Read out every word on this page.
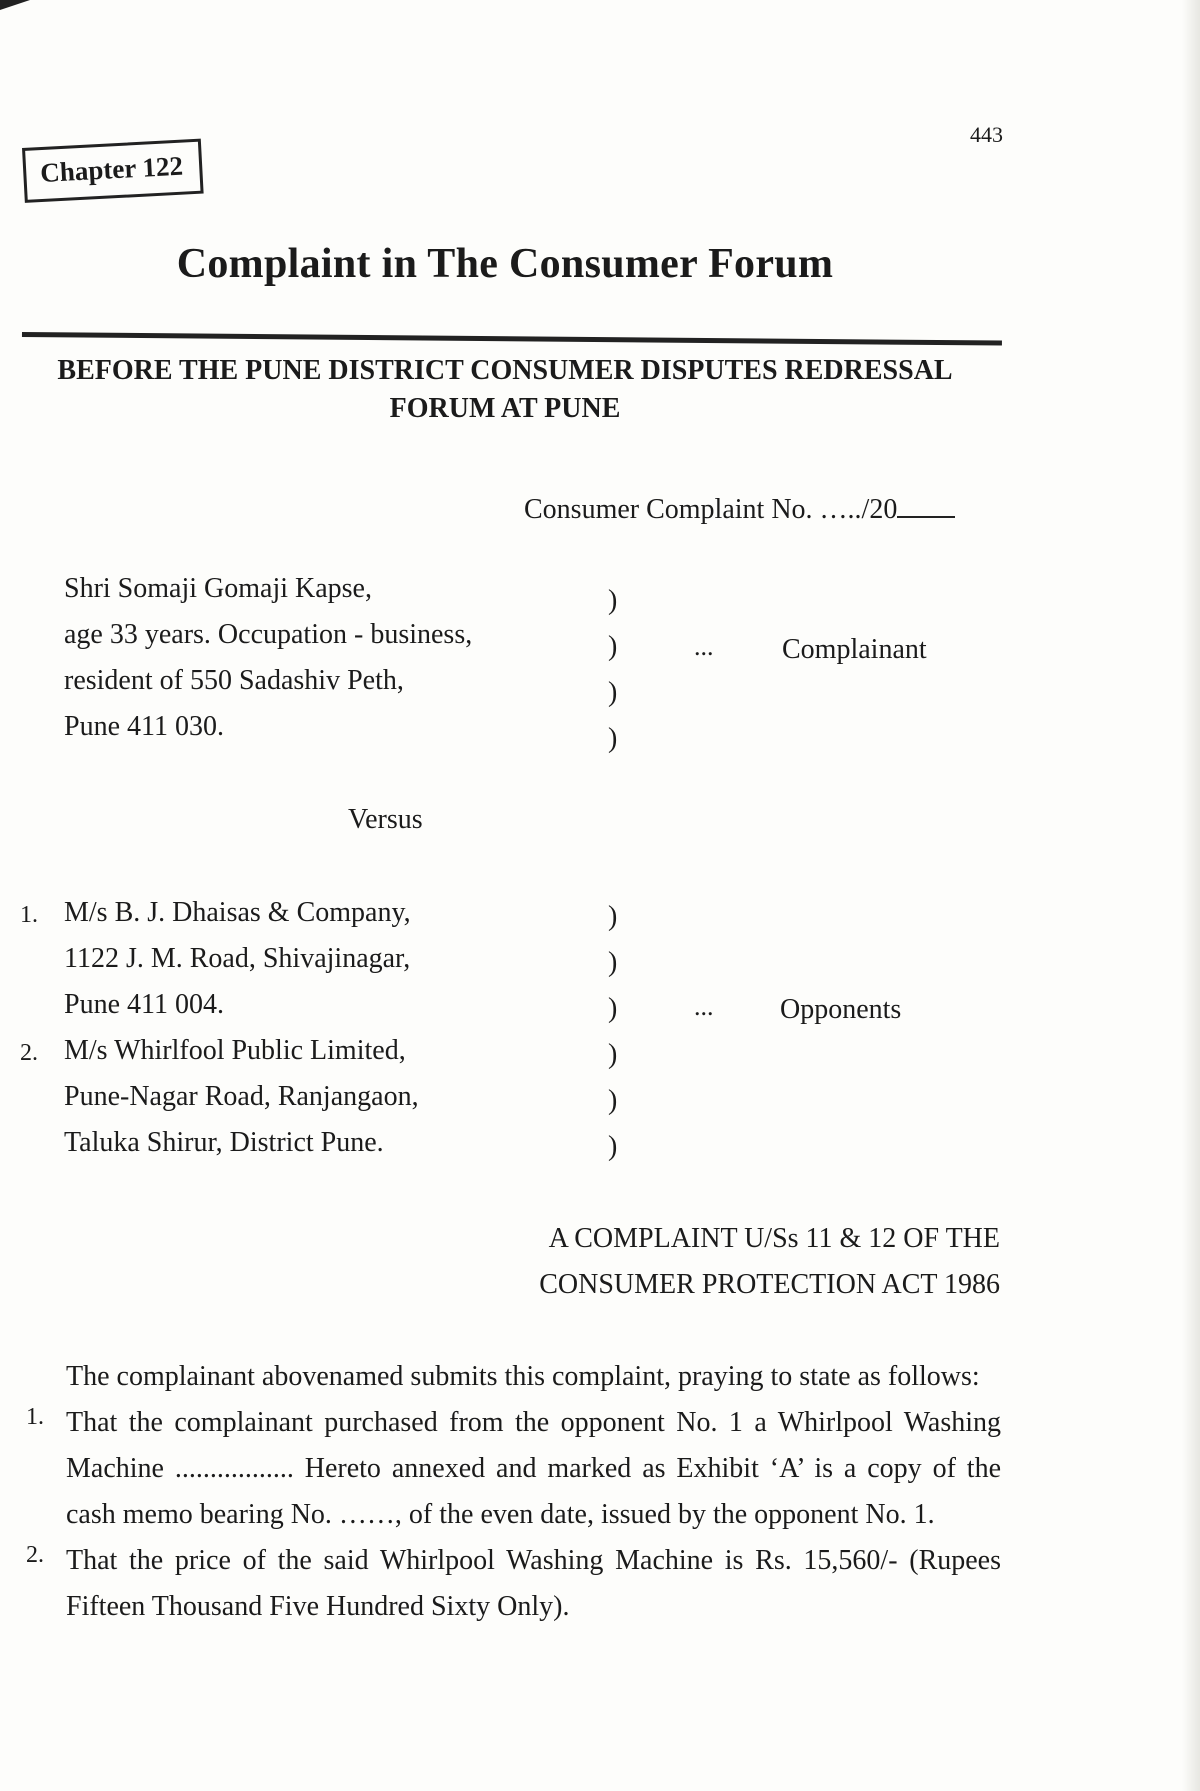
443
Chapter 122
Complaint in The Consumer Forum
BEFORE THE PUNE DISTRICT CONSUMER DISPUTES REDRESSAL
FORUM AT PUNE
Consumer Complaint No. …../20
Shri Somaji Gomaji Kapse,
age 33 years. Occupation - business,
resident of 550 Sadashiv Peth,
Pune 411 030.
)
)
)
)
... Complainant
Versus
1.
2.
M/s B. J. Dhaisas & Company,
1122 J. M. Road, Shivajinagar,
Pune 411 004.
M/s Whirlfool Public Limited,
Pune-Nagar Road, Ranjangaon,
Taluka Shirur, District Pune.
)
)
)
)
)
)
... Opponents
A COMPLAINT U/Ss 11 & 12 OF THE
CONSUMER PROTECTION ACT 1986
The complainant abovenamed submits this complaint, praying to state as follows:
1. That the complainant purchased from the opponent No. 1 a Whirlpool Washing Machine ................. Hereto annexed and marked as Exhibit ‘A’ is a copy of the cash memo bearing No. ……, of the even date, issued by the opponent No. 1.
2. That the price of the said Whirlpool Washing Machine is Rs. 15,560/- (Rupees Fifteen Thousand Five Hundred Sixty Only).
